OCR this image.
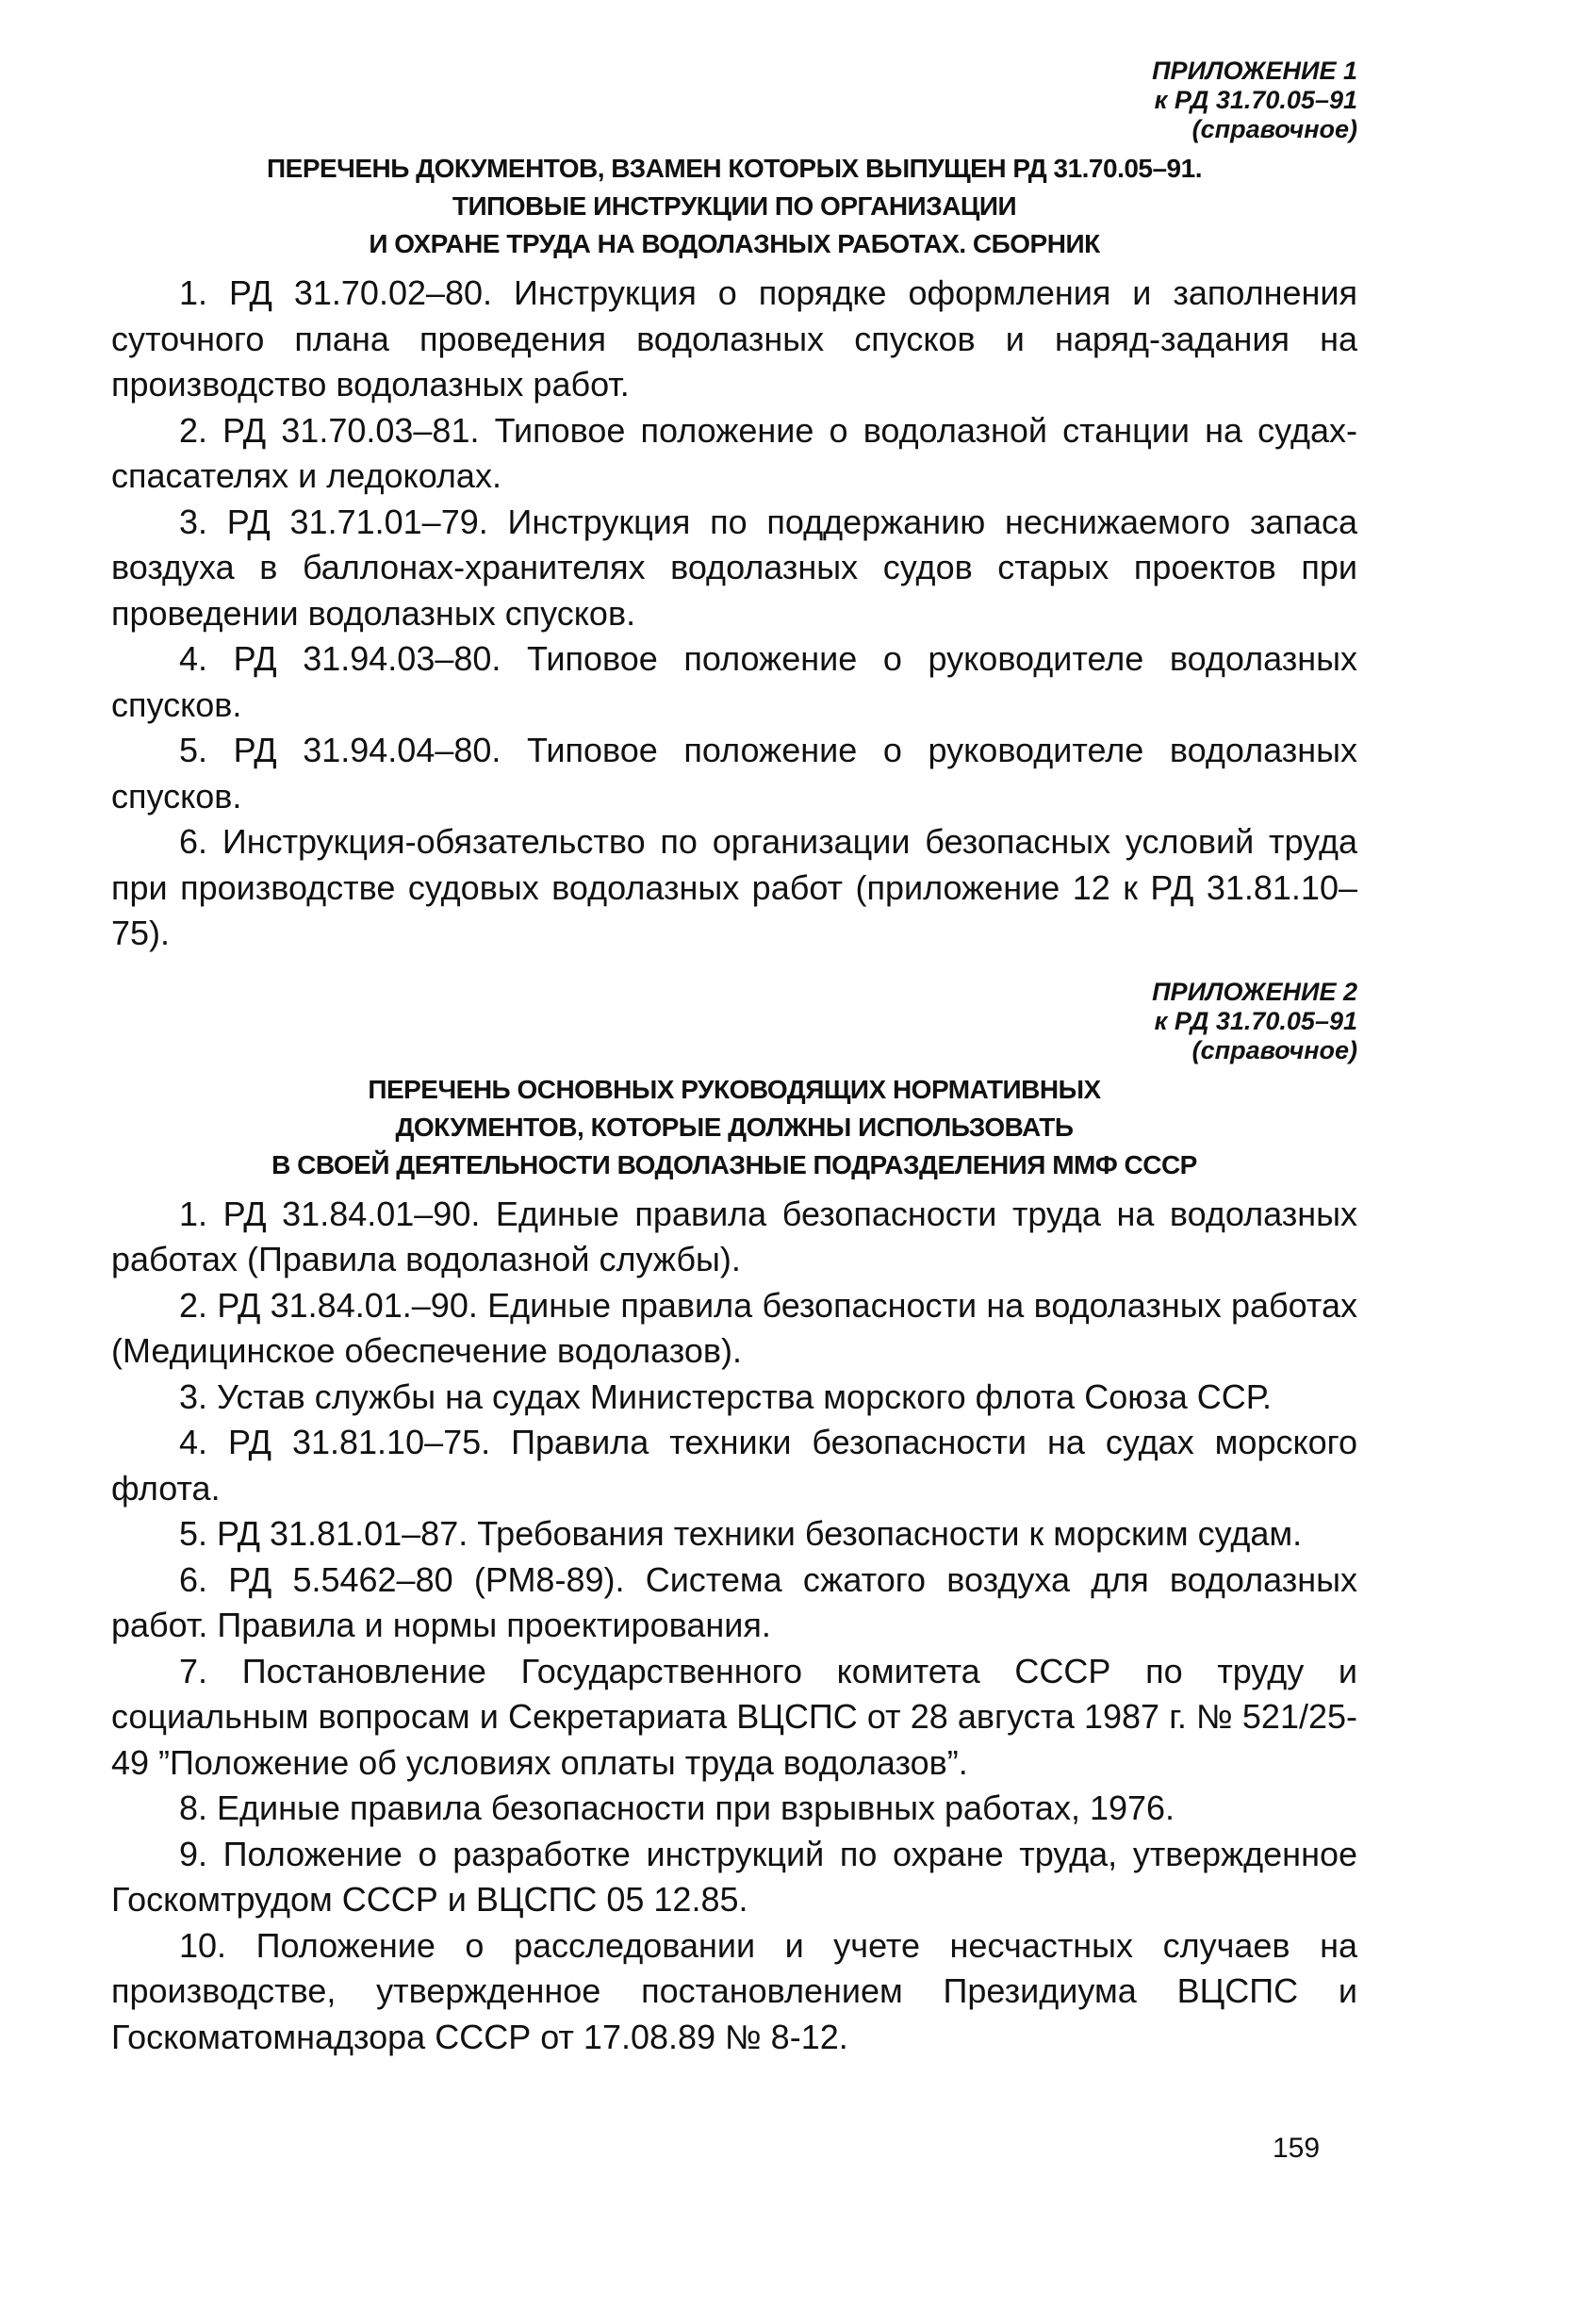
ПРИЛОЖЕНИЕ 1
к РД 31.70.05–91
(справочное)
ПЕРЕЧЕНЬ ДОКУМЕНТОВ, ВЗАМЕН КОТОРЫХ ВЫПУЩЕН РД 31.70.05–91.
ТИПОВЫЕ ИНСТРУКЦИИ ПО ОРГАНИЗАЦИИ
И ОХРАНЕ ТРУДА НА ВОДОЛАЗНЫХ РАБОТАХ. СБОРНИК

1. РД 31.70.02–80. Инструкция о порядке оформления и заполнения суточного плана проведения водолазных спусков и наряд-задания на производство водолазных работ.

2. РД 31.70.03–81. Типовое положение о водолазной станции на судах-спасателях и ледоколах.

3. РД 31.71.01–79. Инструкция по поддержанию неснижаемого запаса воздуха в баллонах-хранителях водолазных судов старых проектов при проведении водолазных спусков.

4. РД 31.94.03–80. Типовое положение о руководителе водолазных спусков.

5. РД 31.94.04–80. Типовое положение о руководителе водолазных спусков.

6. Инструкция-обязательство по организации безопасных условий труда при производстве судовых водолазных работ (приложение 12 к РД 31.81.10–75).

ПРИЛОЖЕНИЕ 2
к РД 31.70.05–91
(справочное)
ПЕРЕЧЕНЬ ОСНОВНЫХ РУКОВОДЯЩИХ НОРМАТИВНЫХ
ДОКУМЕНТОВ, КОТОРЫЕ ДОЛЖНЫ ИСПОЛЬЗОВАТЬ
В СВОЕЙ ДЕЯТЕЛЬНОСТИ ВОДОЛАЗНЫЕ ПОДРАЗДЕЛЕНИЯ ММФ СССР

1. РД 31.84.01–90. Единые правила безопасности труда на водолазных работах (Правила водолазной службы).

2. РД 31.84.01.–90. Единые правила безопасности на водолазных работах (Медицинское обеспечение водолазов).

3. Устав службы на судах Министерства морского флота Союза ССР.

4. РД 31.81.10–75. Правила техники безопасности на судах морского флота.

5. РД 31.81.01–87. Требования техники безопасности к морским судам.

6. РД 5.5462–80 (РМ8-89). Система сжатого воздуха для водолазных работ. Правила и нормы проектирования.

7. Постановление Государственного комитета СССР по труду и социальным вопросам и Секретариата ВЦСПС от 28 августа 1987 г. № 521/25-49 ”Положение об условиях оплаты труда водолазов”.

8. Единые правила безопасности при взрывных работах, 1976.

9. Положение о разработке инструкций по охране труда, утвержденное Госкомтрудом СССР и ВЦСПС 05 12.85.

10. Положение о расследовании и учете несчастных случаев на производстве, утвержденное постановлением Президиума ВЦСПС и Госкоматомнадзора СССР от 17.08.89 № 8-12.

159
